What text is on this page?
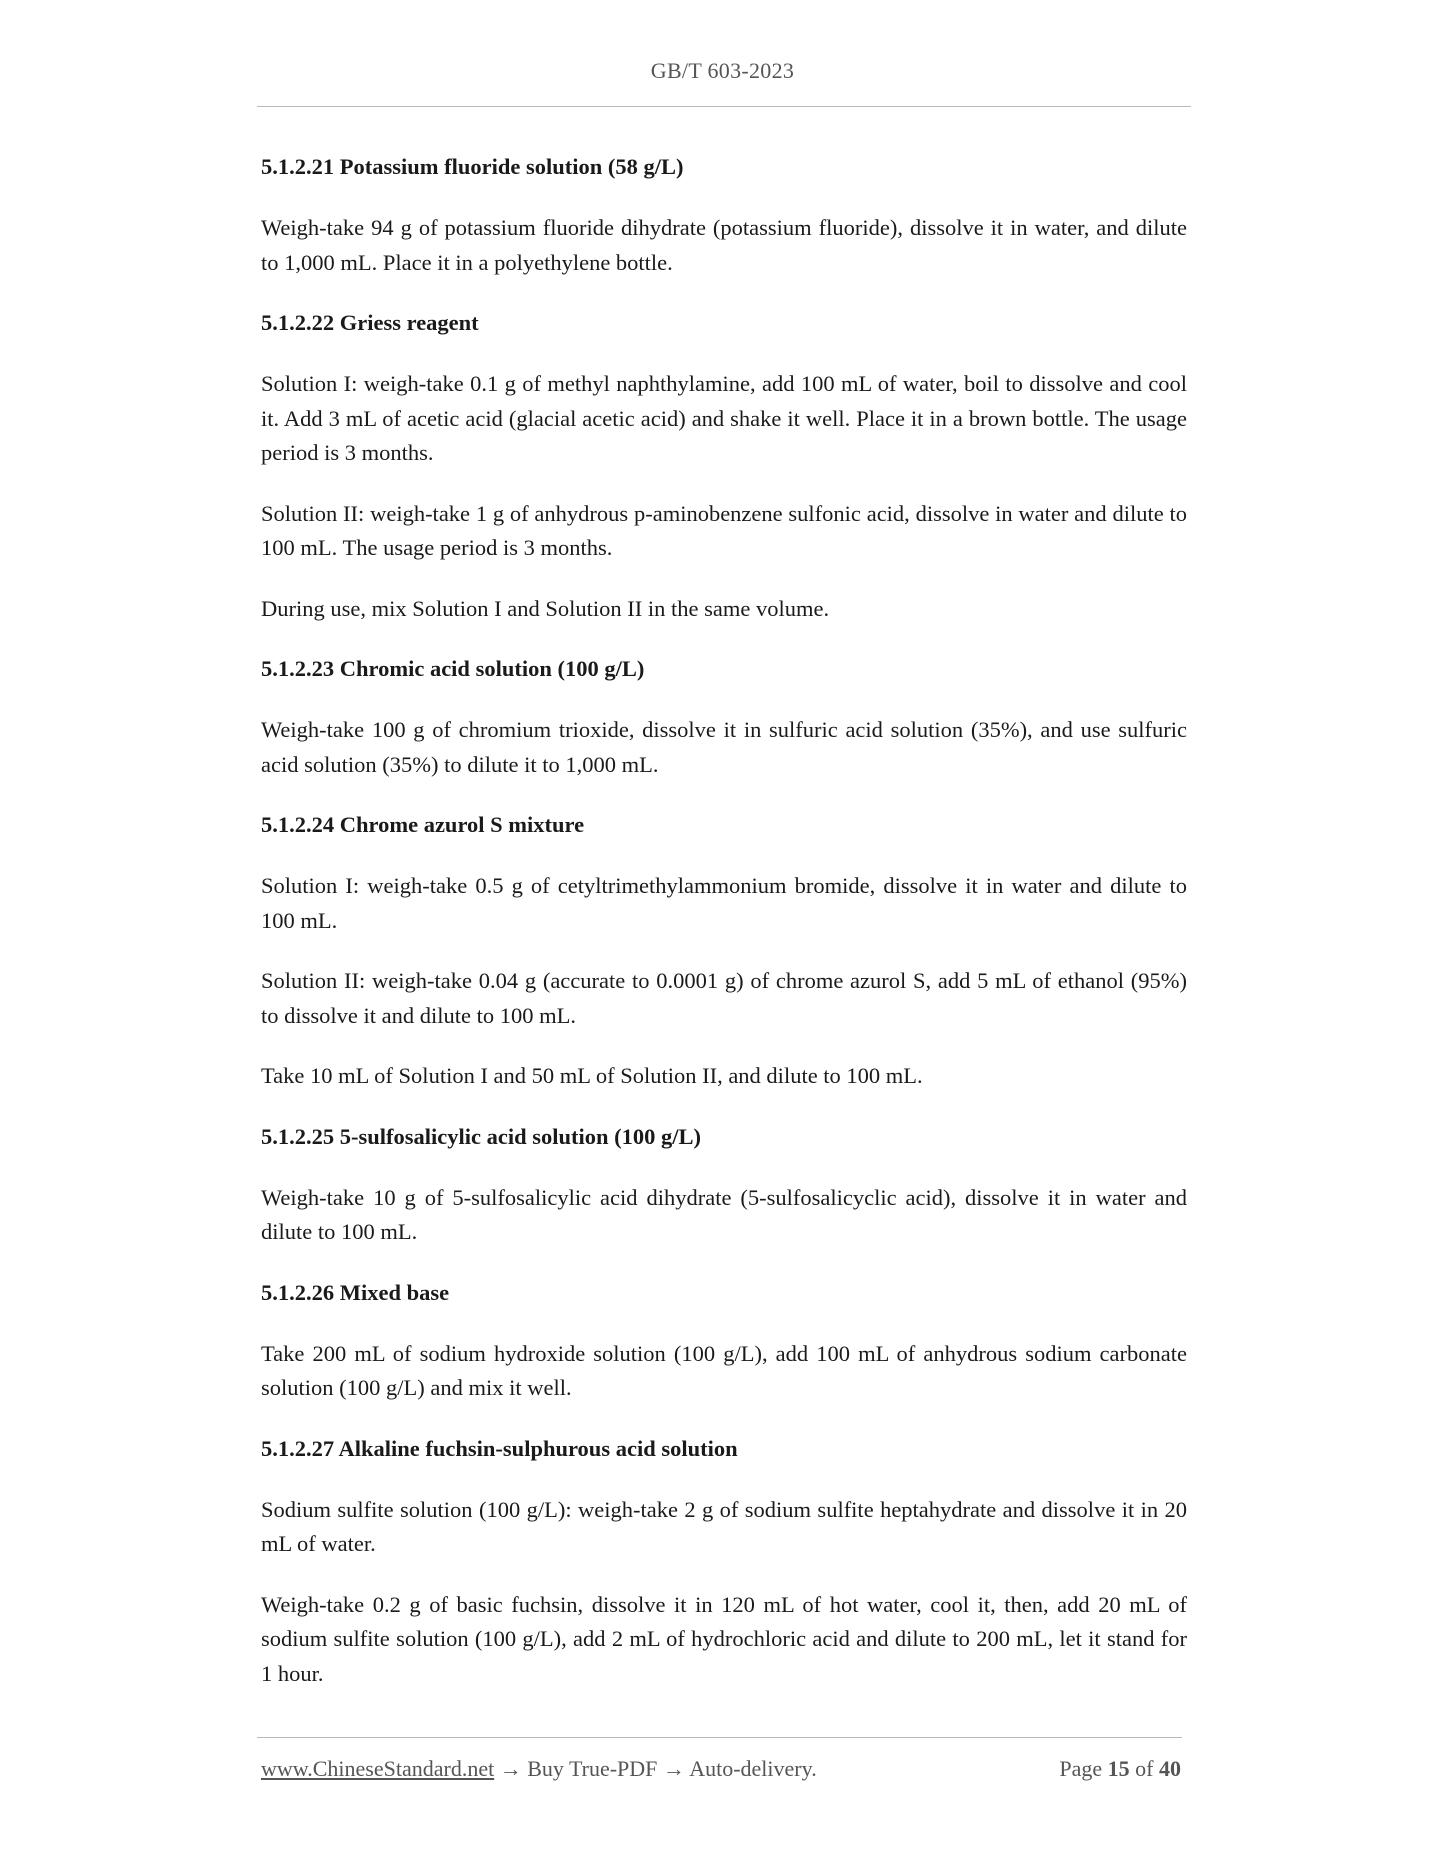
GB/T 603-2023
5.1.2.21 Potassium fluoride solution (58 g/L)

Weigh-take 94 g of potassium fluoride dihydrate (potassium fluoride), dissolve it in water, and dilute to 1,000 mL. Place it in a polyethylene bottle.

5.1.2.22 Griess reagent

Solution I: weigh-take 0.1 g of methyl naphthylamine, add 100 mL of water, boil to dissolve and cool it. Add 3 mL of acetic acid (glacial acetic acid) and shake it well. Place it in a brown bottle. The usage period is 3 months.

Solution II: weigh-take 1 g of anhydrous p-aminobenzene sulfonic acid, dissolve in water and dilute to 100 mL. The usage period is 3 months.

During use, mix Solution I and Solution II in the same volume.

5.1.2.23 Chromic acid solution (100 g/L)

Weigh-take 100 g of chromium trioxide, dissolve it in sulfuric acid solution (35%), and use sulfuric acid solution (35%) to dilute it to 1,000 mL.

5.1.2.24 Chrome azurol S mixture

Solution I: weigh-take 0.5 g of cetyltrimethylammonium bromide, dissolve it in water and dilute to 100 mL.

Solution II: weigh-take 0.04 g (accurate to 0.0001 g) of chrome azurol S, add 5 mL of ethanol (95%) to dissolve it and dilute to 100 mL.

Take 10 mL of Solution I and 50 mL of Solution II, and dilute to 100 mL.

5.1.2.25 5-sulfosalicylic acid solution (100 g/L)

Weigh-take 10 g of 5-sulfosalicylic acid dihydrate (5-sulfosalicyclic acid), dissolve it in water and dilute to 100 mL.

5.1.2.26 Mixed base

Take 200 mL of sodium hydroxide solution (100 g/L), add 100 mL of anhydrous sodium carbonate solution (100 g/L) and mix it well.

5.1.2.27 Alkaline fuchsin-sulphurous acid solution

Sodium sulfite solution (100 g/L): weigh-take 2 g of sodium sulfite heptahydrate and dissolve it in 20 mL of water.

Weigh-take 0.2 g of basic fuchsin, dissolve it in 120 mL of hot water, cool it, then, add 20 mL of sodium sulfite solution (100 g/L), add 2 mL of hydrochloric acid and dilute to 200 mL, let it stand for 1 hour.

www.ChineseStandard.net → Buy True-PDF → Auto-delivery.	Page 15 of 40
